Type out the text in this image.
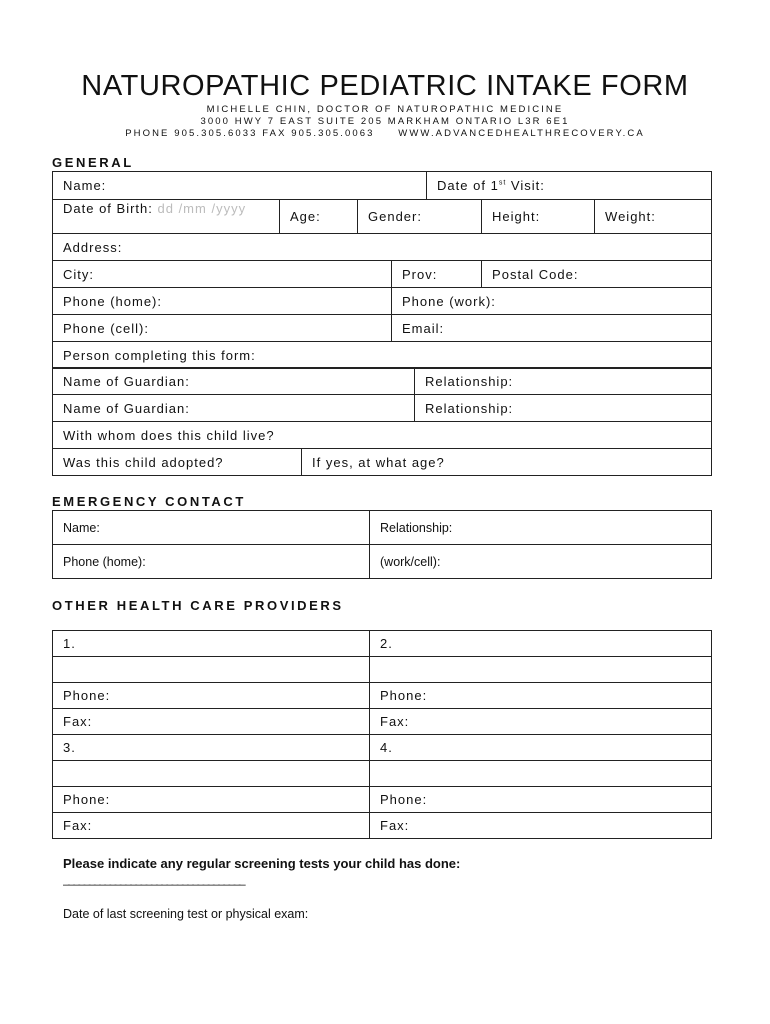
NATUROPATHIC PEDIATRIC INTAKE FORM
MICHELLE CHIN, DOCTOR OF NATUROPATHIC MEDICINE
3000 HWY 7 EAST SUITE 205 MARKHAM ONTARIO L3R 6E1
PHONE 905.305.6033 FAX 905.305.0063     WWW.ADVANCEDHEALTHRECOVERY.CA
GENERAL
Name:				Date of 1st Visit:		
Date of Birth: dd /mm /yyyy	Age:	Gender:			Height:	Weight:
Address:						
City:			Prov:		Postal Code:	
Phone (home):			Phone (work):			
Phone (cell):			Email:			
Person completing this form:						
Name of Guardian:	Relationship:
Name of Guardian:	Relationship:
With whom does this child live?
Was this child adopted?	If yes, at what age?
EMERGENCY CONTACT
Name:	Relationship:
Phone (home):	(work/cell):
OTHER HEALTH CARE PROVIDERS
1.	2.

Phone:	Phone:
Fax:	Fax:
3.	4.

Phone:	Phone:
Fax:	Fax:
Please indicate any regular screening tests your child has done:
___________________________________
Date of last screening test or physical exam:
